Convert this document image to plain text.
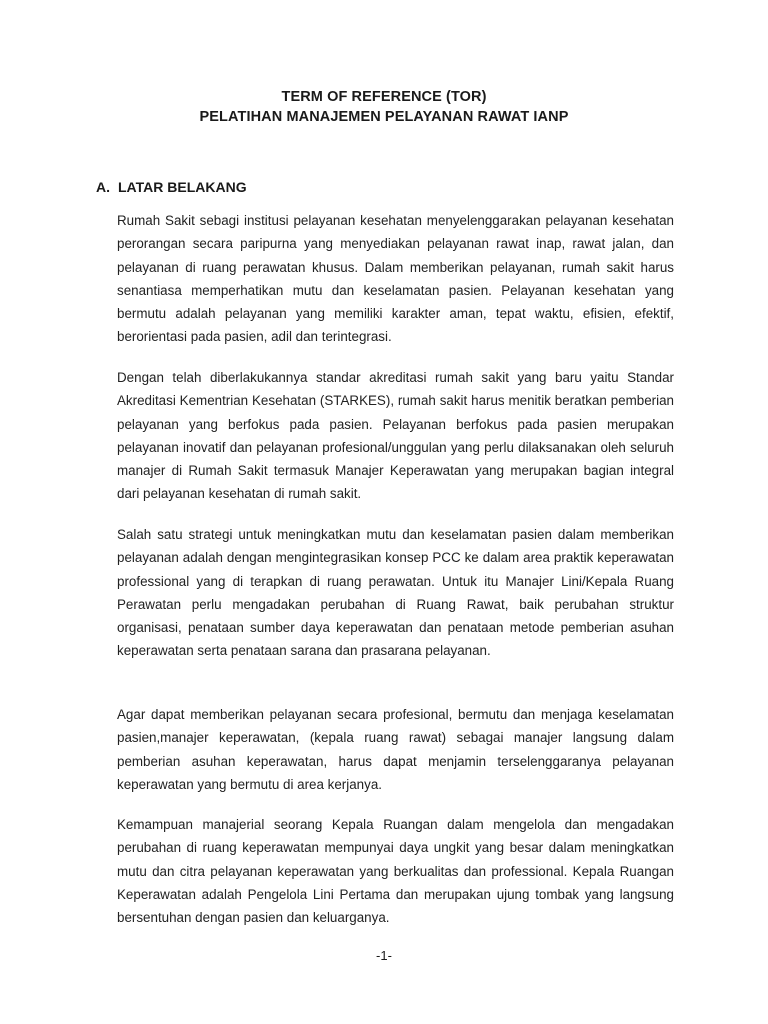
TERM OF REFERENCE (TOR)
PELATIHAN MANAJEMEN PELAYANAN RAWAT IANP
A. LATAR BELAKANG

Rumah Sakit sebagi institusi pelayanan kesehatan menyelenggarakan pelayanan kesehatan perorangan secara paripurna yang menyediakan pelayanan rawat inap, rawat jalan, dan pelayanan di ruang perawatan khusus. Dalam memberikan pelayanan, rumah sakit harus senantiasa memperhatikan mutu dan keselamatan pasien. Pelayanan kesehatan yang bermutu adalah pelayanan yang memiliki karakter aman, tepat waktu, efisien, efektif, berorientasi pada pasien, adil dan terintegrasi.

Dengan telah diberlakukannya standar akreditasi rumah sakit yang baru yaitu Standar Akreditasi Kementrian Kesehatan (STARKES), rumah sakit harus menitik beratkan pemberian pelayanan yang berfokus pada pasien. Pelayanan berfokus pada pasien merupakan pelayanan inovatif dan pelayanan profesional/unggulan yang perlu dilaksanakan oleh seluruh manajer di Rumah Sakit termasuk Manajer Keperawatan yang merupakan bagian integral dari pelayanan kesehatan di rumah sakit.

Salah satu strategi untuk meningkatkan mutu dan keselamatan pasien dalam memberikan pelayanan adalah dengan mengintegrasikan konsep PCC ke dalam area praktik keperawatan professional yang di terapkan di ruang perawatan. Untuk itu Manajer Lini/Kepala Ruang Perawatan perlu mengadakan perubahan di Ruang Rawat, baik perubahan struktur organisasi, penataan sumber daya keperawatan dan penataan metode pemberian asuhan keperawatan serta penataan sarana dan prasarana pelayanan.

Agar dapat memberikan pelayanan secara profesional, bermutu dan menjaga keselamatan pasien,manajer keperawatan, (kepala ruang rawat) sebagai manajer langsung dalam pemberian asuhan keperawatan, harus dapat menjamin terselenggaranya pelayanan keperawatan yang bermutu di area kerjanya.

Kemampuan manajerial seorang Kepala Ruangan dalam mengelola dan mengadakan perubahan di ruang keperawatan mempunyai daya ungkit yang besar dalam meningkatkan mutu dan citra pelayanan keperawatan yang berkualitas dan professional. Kepala Ruangan Keperawatan adalah Pengelola Lini Pertama dan merupakan ujung tombak yang langsung bersentuhan dengan pasien dan keluarganya.

-1-
